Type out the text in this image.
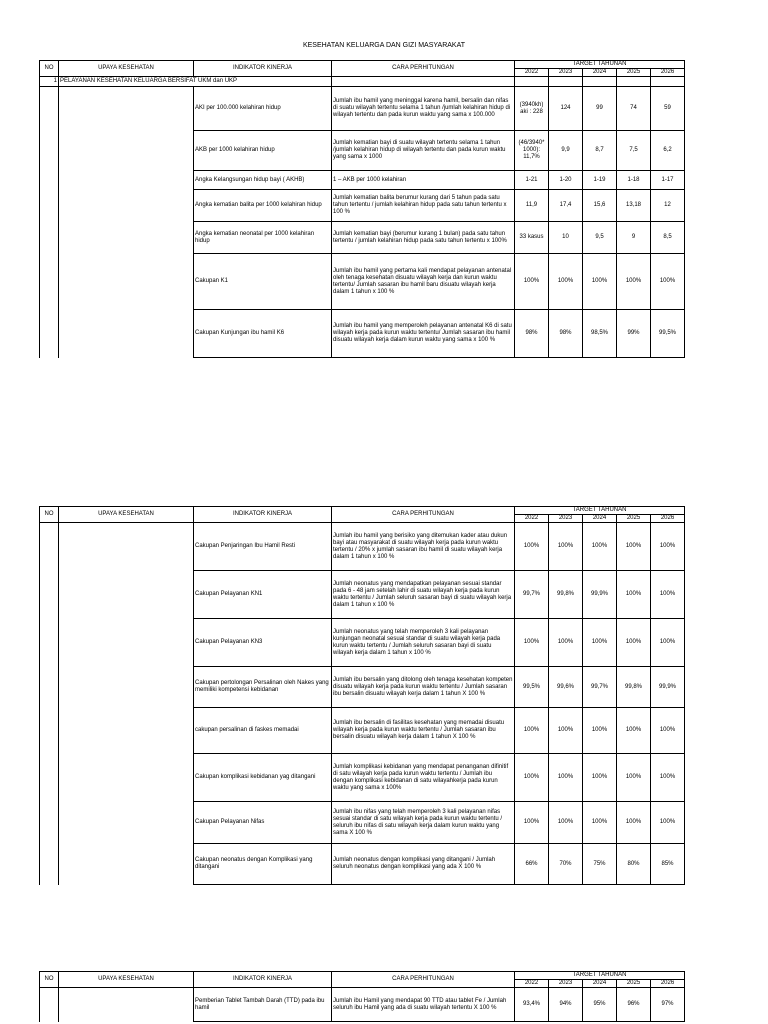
KESEHATAN KELUARGA DAN GIZI MASYARAKAT
NO	UPAYA KESEHATAN	INDIKATOR KINERJA	CARA PERHITUNGAN	TARGET TAHUNAN				
				2022	2023	2024	2025	2026
1	PELAYANAN KESEHATAN KELUARGA BERSIFAT UKM dan UKP							
		AKI per 100.000 kelahiran hidup	Jumlah ibu hamil yang meninggal karena hamil, bersalin dan nifas di suatu wilayah tertentu selama 1 tahun /jumlah kelahiran hidup di wilayah tertentu dan pada kurun waktu yang sama x 100.000	(3940kh) aki : 228	124	99	74	59
		AKB per 1000 kelahiran hidup	Jumlah kematian bayi di suatu wilayah tertentu selama 1 tahun /jumlah kelahiran hidup di wilayah tertentu dan pada kurun waktu yang sama x 1000	(46/3940* 1000): 11,7%	9,9	8,7	7,5	6,2
		Angka Kelangsungan hidup bayi ( AKHB)	1 – AKB per 1000 kelahiran	1-21	1-20	1-19	1-18	1-17
		Angka kematian balita per 1000 kelahiran hidup	Jumlah kematian balita berumur kurang dari 5 tahun pada satu tahun tertentu / jumlah kelahiran hidup pada satu tahun tertentu x 100 %	11,9	17,4	15,6	13,18	12
		Angka kematian neonatal per 1000 kelahiran hidup	Jumlah kematian bayi (berumur kurang 1 bulan) pada satu tahun tertentu / jumlah kelahiran hidup pada satu tahun tertentu x 100%	33 kasus	10	9,5	9	8,5
		Cakupan K1	Jumlah ibu hamil yang pertama kali mendapat pelayanan antenatal oleh tenaga kesehatan disuatu wilayah kerja dan kurun waktu tertentu/ Jumlah sasaran ibu hamil baru disuatu wilayah kerja dalam 1 tahun x 100 %	100%	100%	100%	100%	100%
		Cakupan Kunjungan ibu hamil K6	Jumlah ibu hamil yang memperoleh pelayanan antenatal K6 di satu wilayah kerja pada kurun waktu tertentu/ Jumlah sasaran ibu hamil disuatu wilayah kerja dalam kurun waktu yang sama x 100 %	98%	98%	98,5%	99%	99,5%
NO	UPAYA KESEHATAN	INDIKATOR KINERJA	CARA PERHITUNGAN	TARGET TAHUNAN				
				2022	2023	2024	2025	2026
		Cakupan Penjaringan Ibu Hamil Resti	Jumlah ibu hamil yang berisiko yang ditemukan kader atau dukun bayi atau masyarakat di suatu wilayah kerja pada kurun waktu tertentu / 20% x jumlah sasaran ibu hamil di suatu wilayah kerja dalam 1 tahun x 100 %	100%	100%	100%	100%	100%
		Cakupan Pelayanan KN1	Jumlah neonatus yang mendapatkan pelayanan sesuai standar pada 6 - 48 jam setelah lahir di suatu wilayah kerja pada kurun waktu tertentu / Jumlah seluruh sasaran bayi di suatu wilayah kerja dalam 1 tahun x 100 %	99,7%	99,8%	99,9%	100%	100%
		Cakupan Pelayanan KN3	Jumlah neonatus yang telah memperoleh 3 kali pelayanan kunjungan neonatal sesuai standar di suatu wilayah kerja pada kurun waktu tertentu / Jumlah seluruh sasaran bayi di suatu wilayah kerja dalam 1 tahun x 100 %	100%	100%	100%	100%	100%
		Cakupan pertolongan Persalinan oleh Nakes yang memiliki kompetensi kebidanan	Jumlah ibu bersalin yang ditolong oleh tenaga kesehatan kompeten disuatu wilayah kerja pada kurun waktu tertentu / Jumlah sasaran ibu bersalin disuatu wilayah kerja dalam 1 tahun X 100 %	99,5%	99,6%	99,7%	99,8%	99,9%
		cakupan persalinan di faskes memadai	Jumlah ibu bersalin di fasilitas kesehatan yang memadai disuatu wilayah kerja pada kurun waktu tertentu / Jumlah sasaran ibu bersalin disuatu wilayah kerja dalam 1 tahun X 100 %	100%	100%	100%	100%	100%
		Cakupan komplikasi kebidanan yag ditangani	Jumlah komplikasi kebidanan yang mendapat penanganan difinitif di satu wilayah kerja pada kurun waktu tertentu / Jumlah ibu dengan komplikasi kebidanan di satu wilayahkerja pada kurun waktu yang sama x 100%	100%	100%	100%	100%	100%
		Cakupan Pelayanan Nifas	Jumlah ibu nifas yang telah memperoleh 3 kali pelayanan nifas sesuai standar di satu wilayah kerja pada kurun waktu tertentu / seluruh ibu nifas di satu wilayah kerja dalam kurun waktu yang sama X 100 %	100%	100%	100%	100%	100%
		Cakupan neonatus dengan Komplikasi yang ditangani	Jumlah neonatus dengan komplikasi yang ditangani / Jumlah seluruh neonatus dengan komplikasi yang ada X 100 %	66%	70%	75%	80%	85%
NO	UPAYA KESEHATAN	INDIKATOR KINERJA	CARA PERHITUNGAN	TARGET TAHUNAN				
				2022	2023	2024	2025	2026
		Pemberian Tablet Tambah Darah (TTD) pada ibu hamil	Jumlah ibu Hamil yang mendapat 90 TTD atau tablet Fe / Jumlah seluruh ibu Hamil yang ada di suatu wilayah tertentu X 100 %	93,4%	94%	95%	96%	97%
